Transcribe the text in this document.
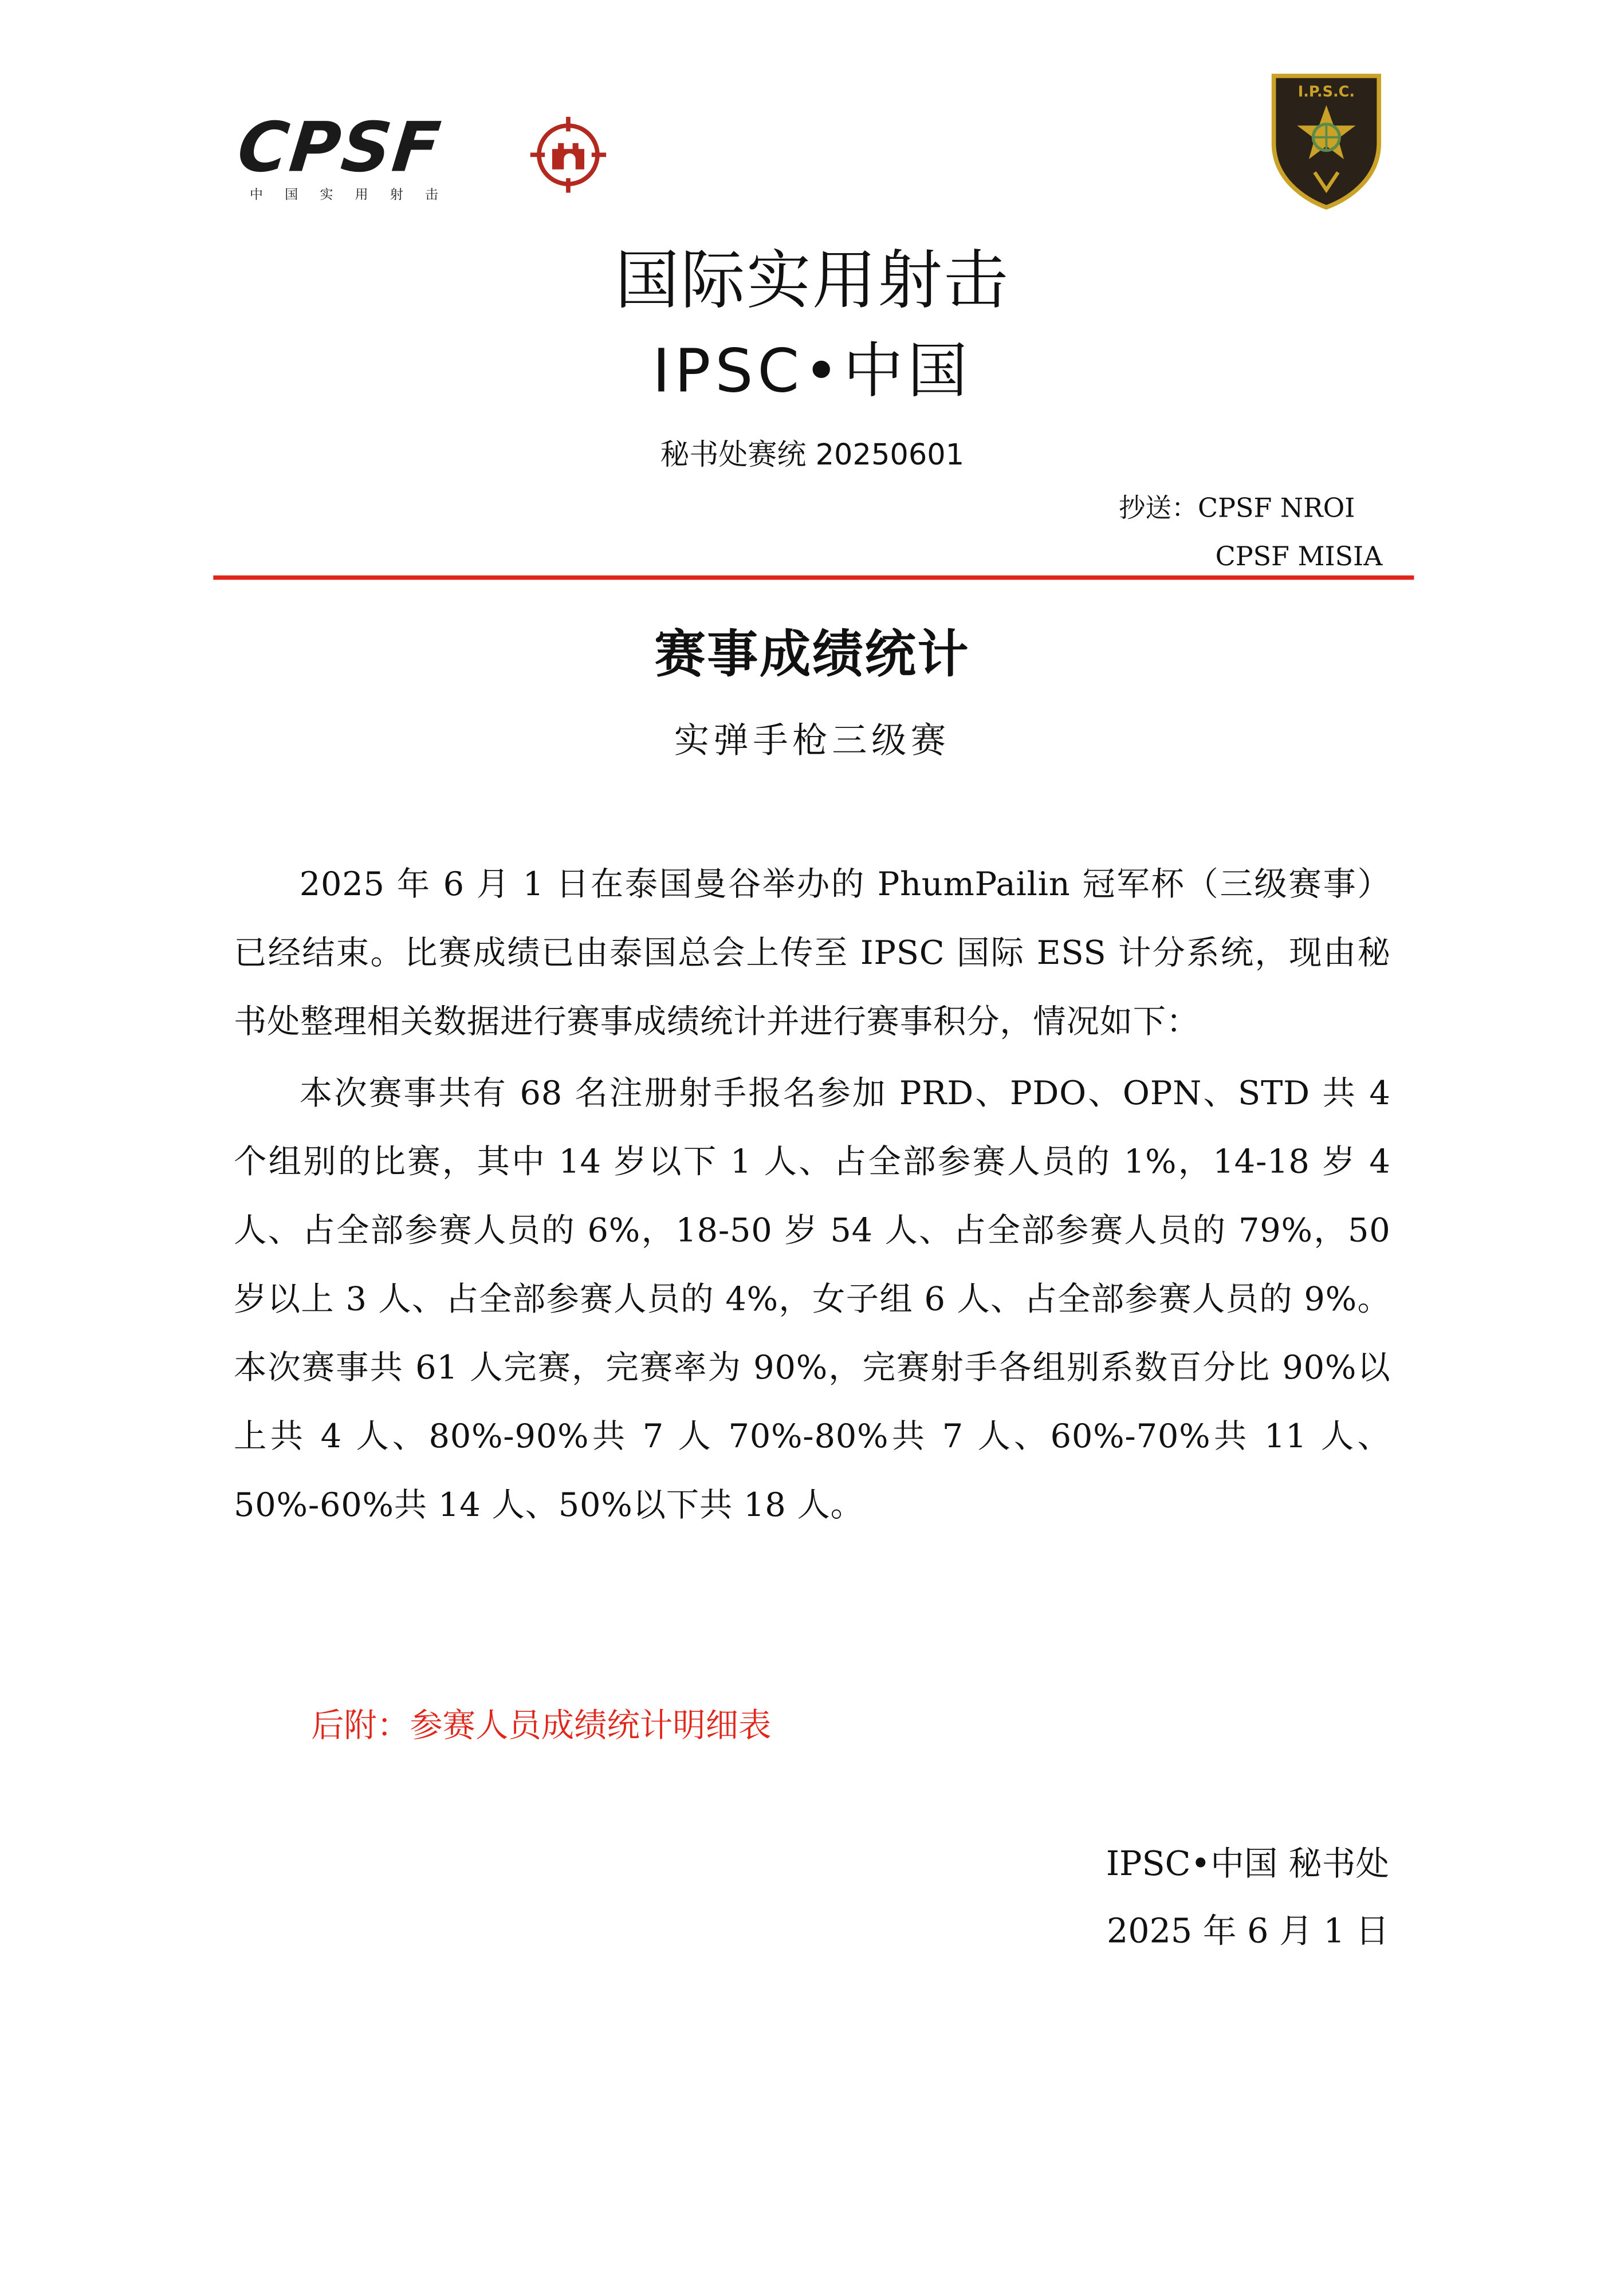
CPSF
中国实用射击
I.P.S.C.
国际实用射击
IPSC•中国
秘书处赛统 20250601
抄送：CPSF NROI
CPSF MISIA
赛事成绩统计
实弹手枪三级赛

2025 年 6 月 1 日在泰国曼谷举办的 PhumPailin 冠军杯（三级赛事）已经结束。比赛成绩已由泰国总会上传至 IPSC 国际 ESS 计分系统，现由秘书处整理相关数据进行赛事成绩统计并进行赛事积分，情况如下：

本次赛事共有 68 名注册射手报名参加 PRD、PDO、OPN、STD 共 4 个组别的比赛，其中 14 岁以下 1 人、占全部参赛人员的 1%，14-18 岁 4 人、占全部参赛人员的 6%，18-50 岁 54 人、占全部参赛人员的 79%，50 岁以上 3 人、占全部参赛人员的 4%，女子组 6 人、占全部参赛人员的 9%。本次赛事共 61 人完赛，完赛率为 90%，完赛射手各组别系数百分比 90%以上共 4 人、80%-90%共 7 人 70%-80%共 7 人、60%-70%共 11 人、50%-60%共 14 人、50%以下共 18 人。

后附：参赛人员成绩统计明细表
IPSC•中国 秘书处
2025 年 6 月 1 日
